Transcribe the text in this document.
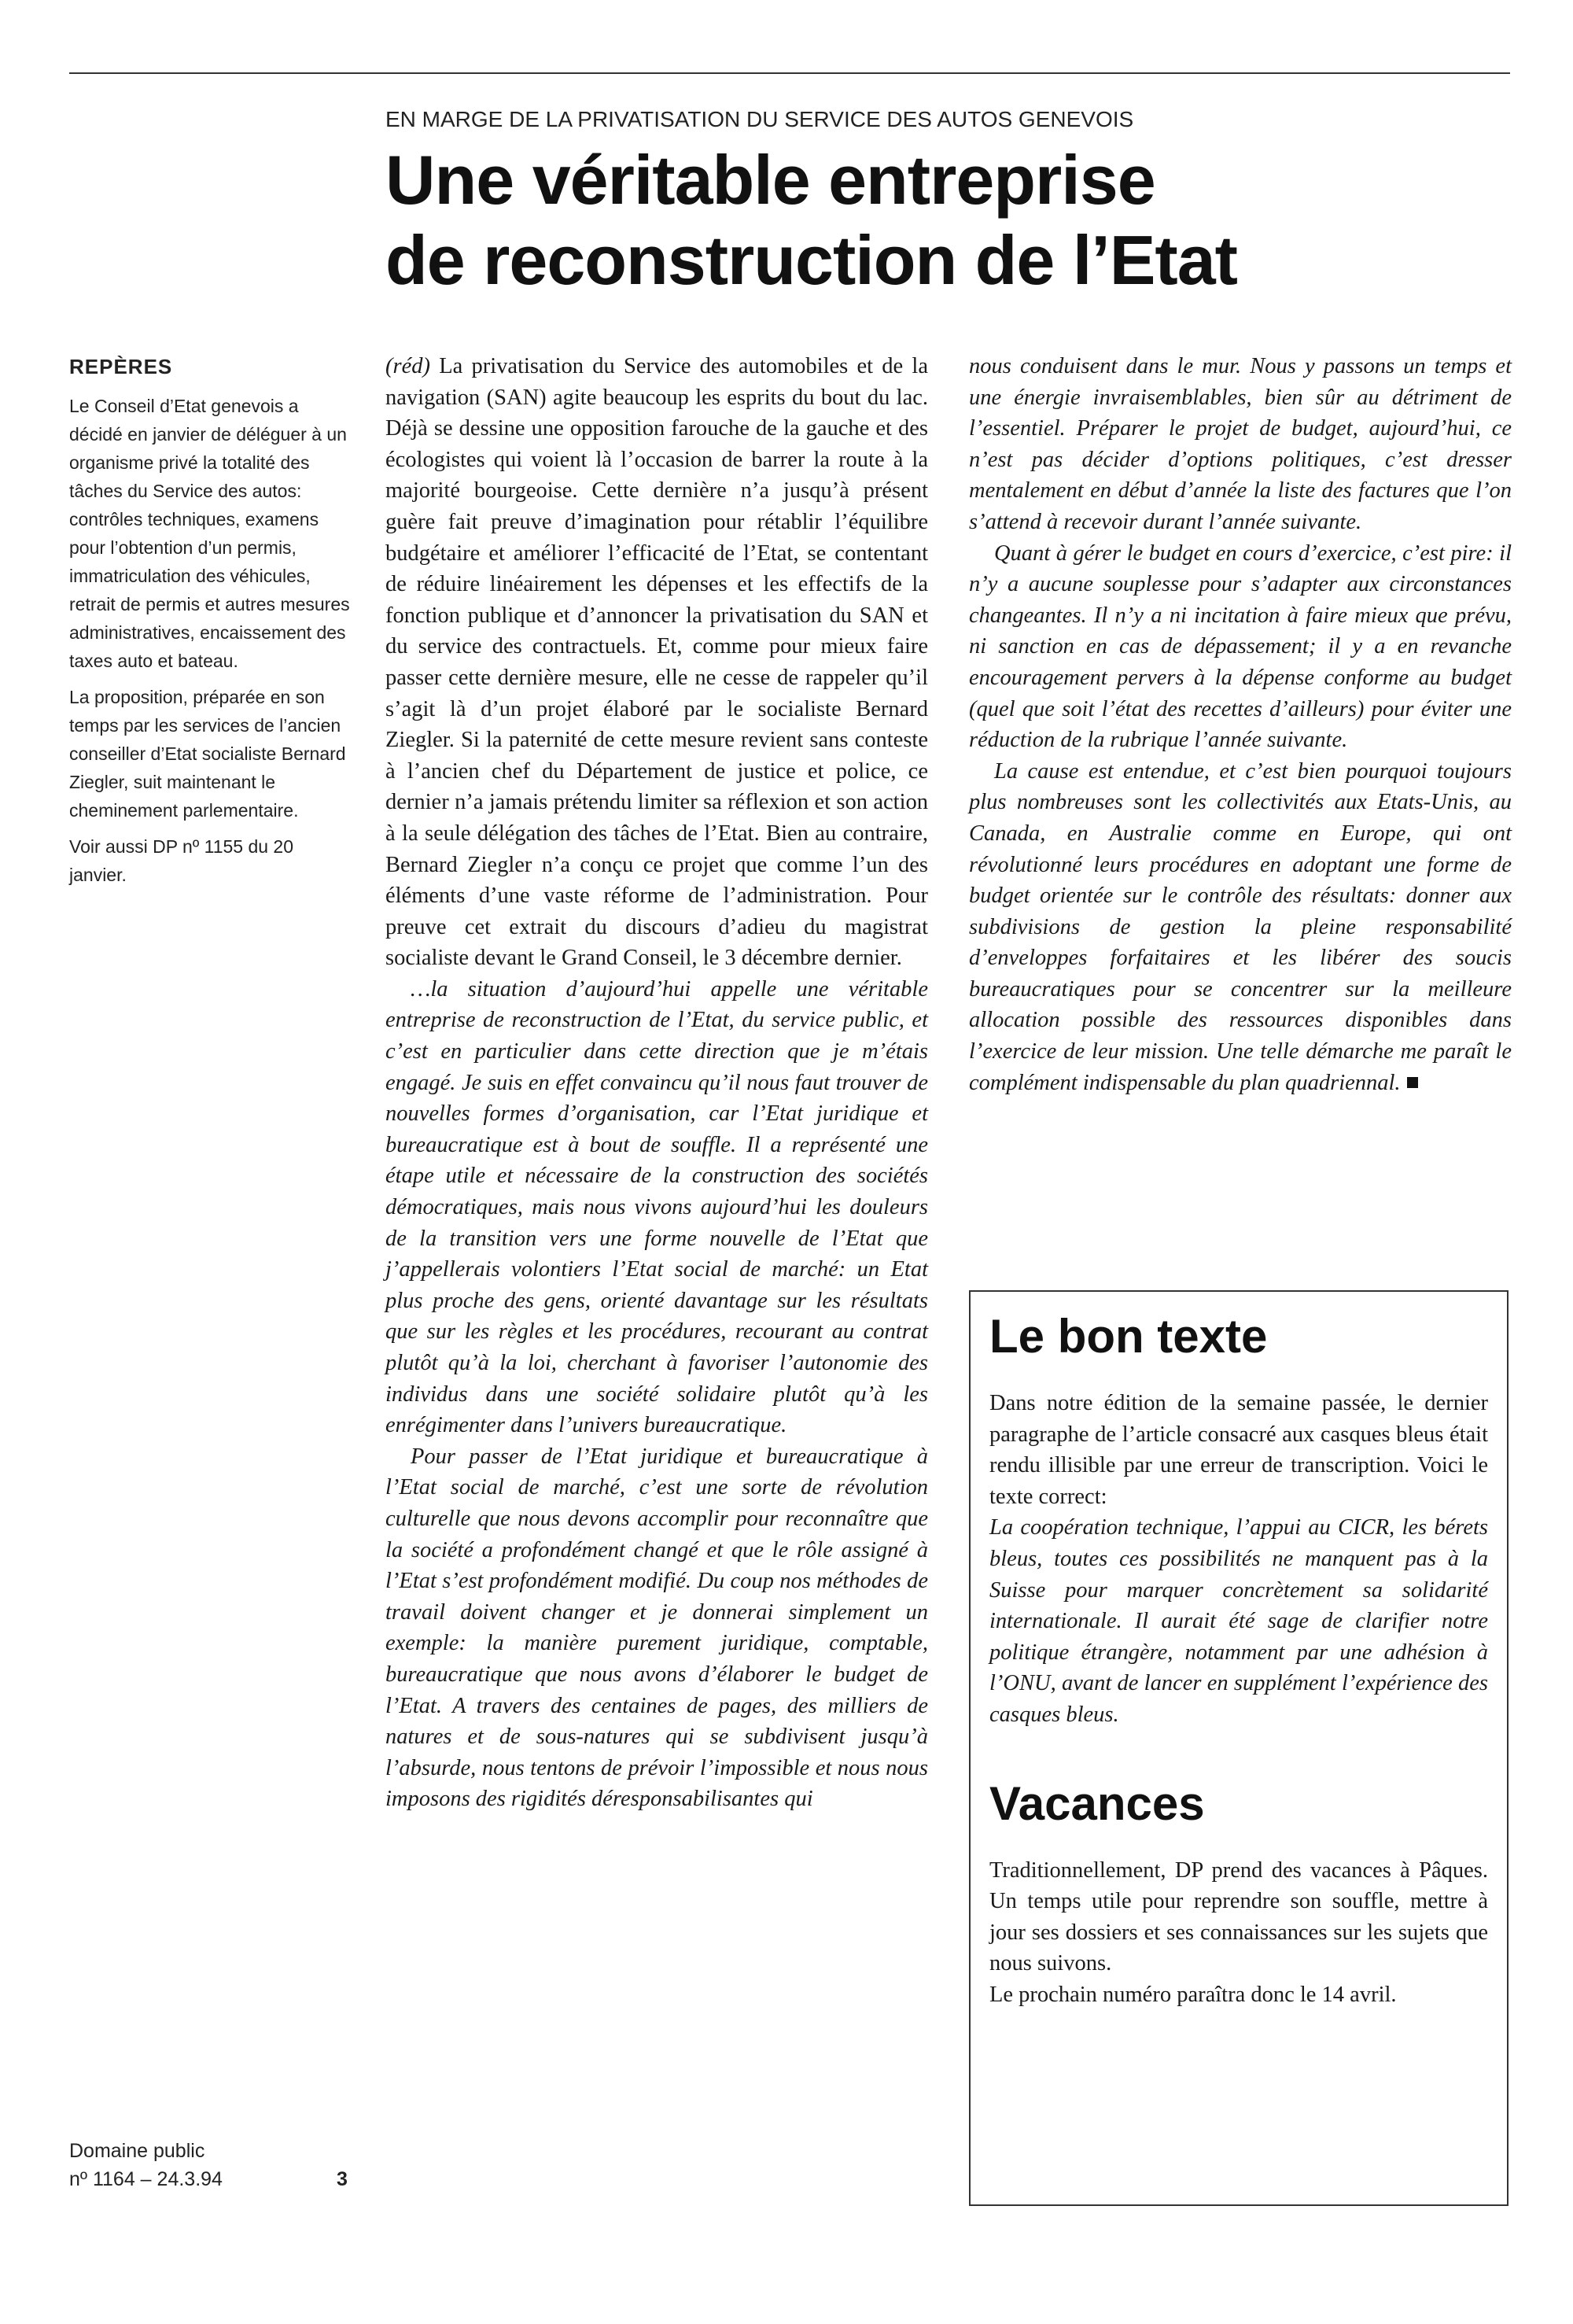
EN MARGE DE LA PRIVATISATION DU SERVICE DES AUTOS GENEVOIS
Une véritable entreprise
de reconstruction de l’Etat
REPÈRES

Le Conseil d’Etat genevois a décidé en janvier de déléguer à un organisme privé la totalité des tâches du Service des autos: contrôles techniques, examens pour l’obtention d’un permis, immatriculation des véhicules, retrait de permis et autres mesures administratives, encaissement des taxes auto et bateau.

La proposition, préparée en son temps par les services de l’ancien conseiller d’Etat socialiste Bernard Ziegler, suit maintenant le cheminement parlementaire.

Voir aussi DP nº 1155 du 20 janvier.

Domaine public
nº 1164 – 24.3.94	3

(réd) La privatisation du Service des automobiles et de la navigation (SAN) agite beaucoup les esprits du bout du lac. Déjà se dessine une opposition farouche de la gauche et des écologistes qui voient là l’occasion de barrer la route à la majorité bourgeoise. Cette dernière n’a jusqu’à présent guère fait preuve d’imagination pour rétablir l’équilibre budgétaire et améliorer l’efficacité de l’Etat, se contentant de réduire linéairement les dépenses et les effectifs de la fonction publique et d’annoncer la privatisation du SAN et du service des contractuels. Et, comme pour mieux faire passer cette dernière mesure, elle ne cesse de rappeler qu’il s’agit là d’un projet élaboré par le socialiste Bernard Ziegler. Si la paternité de cette mesure revient sans conteste à l’ancien chef du Département de justice et police, ce dernier n’a jamais prétendu limiter sa réflexion et son action à la seule délégation des tâches de l’Etat. Bien au contraire, Bernard Ziegler n’a conçu ce projet que comme l’un des éléments d’une vaste réforme de l’administration. Pour preuve cet extrait du discours d’adieu du magistrat socialiste devant le Grand Conseil, le 3 décembre dernier.

…la situation d’aujourd’hui appelle une véritable entreprise de reconstruction de l’Etat, du service public, et c’est en particulier dans cette direction que je m’étais engagé. Je suis en effet convaincu qu’il nous faut trouver de nouvelles formes d’organisation, car l’Etat juridique et bureaucratique est à bout de souffle. Il a représenté une étape utile et nécessaire de la construction des sociétés démocratiques, mais nous vivons aujourd’hui les douleurs de la transition vers une forme nouvelle de l’Etat que j’appellerais volontiers l’Etat social de marché: un Etat plus proche des gens, orienté davantage sur les résultats que sur les règles et les procédures, recourant au contrat plutôt qu’à la loi, cherchant à favoriser l’autonomie des individus dans une société solidaire plutôt qu’à les enrégimenter dans l’univers bureaucratique.

Pour passer de l’Etat juridique et bureaucratique à l’Etat social de marché, c’est une sorte de révolution culturelle que nous devons accomplir pour reconnaître que la société a profondément changé et que le rôle assigné à l’Etat s’est profondément modifié. Du coup nos méthodes de travail doivent changer et je donnerai simplement un exemple: la manière purement juridique, comptable, bureaucratique que nous avons d’élaborer le budget de l’Etat. A travers des centaines de pages, des milliers de natures et de sous-natures qui se subdivisent jusqu’à l’absurde, nous tentons de prévoir l’impossible et nous nous imposons des rigidités déresponsabilisantes qui

nous conduisent dans le mur. Nous y passons un temps et une énergie invraisemblables, bien sûr au détriment de l’essentiel. Préparer le projet de budget, aujourd’hui, ce n’est pas décider d’options politiques, c’est dresser mentalement en début d’année la liste des factures que l’on s’attend à recevoir durant l’année suivante.

Quant à gérer le budget en cours d’exercice, c’est pire: il n’y a aucune souplesse pour s’adapter aux circonstances changeantes. Il n’y a ni incitation à faire mieux que prévu, ni sanction en cas de dépassement; il y a en revanche encouragement pervers à la dépense conforme au budget (quel que soit l’état des recettes d’ailleurs) pour éviter une réduction de la rubrique l’année suivante.

La cause est entendue, et c’est bien pourquoi toujours plus nombreuses sont les collectivités aux Etats-Unis, au Canada, en Australie comme en Europe, qui ont révolutionné leurs procédures en adoptant une forme de budget orientée sur le contrôle des résultats: donner aux subdivisions de gestion la pleine responsabilité d’enveloppes forfaitaires et les libérer des soucis bureaucratiques pour se concentrer sur la meilleure allocation possible des ressources disponibles dans l’exercice de leur mission. Une telle démarche me paraît le complément indispensable du plan quadriennal.

Le bon texte

Dans notre édition de la semaine passée, le dernier paragraphe de l’article consacré aux casques bleus était rendu illisible par une erreur de transcription. Voici le texte correct:

La coopération technique, l’appui au CICR, les bérets bleus, toutes ces possibilités ne manquent pas à la Suisse pour marquer concrètement sa solidarité internationale. Il aurait été sage de clarifier notre politique étrangère, notamment par une adhésion à l’ONU, avant de lancer en supplément l’expérience des casques bleus.

Vacances

Traditionnellement, DP prend des vacances à Pâques. Un temps utile pour reprendre son souffle, mettre à jour ses dossiers et ses connaissances sur les sujets que nous suivons.

Le prochain numéro paraîtra donc le 14 avril.
